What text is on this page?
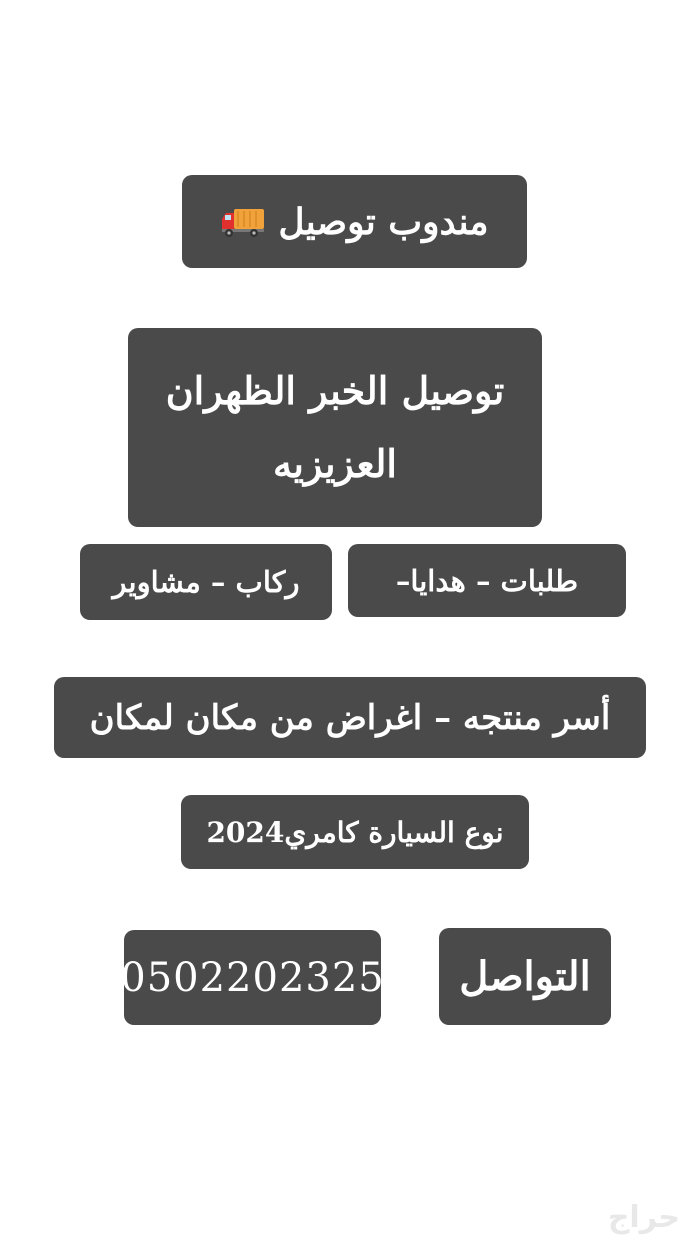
مندوب توصيل
توصيل الخبر الظهران
العزيزيه
طلبات – هدايا–
ركاب – مشاوير
أسر منتجه – اغراض من مكان لمكان
نوع السيارة كامري2024
التواصل
0502202325
حراج
